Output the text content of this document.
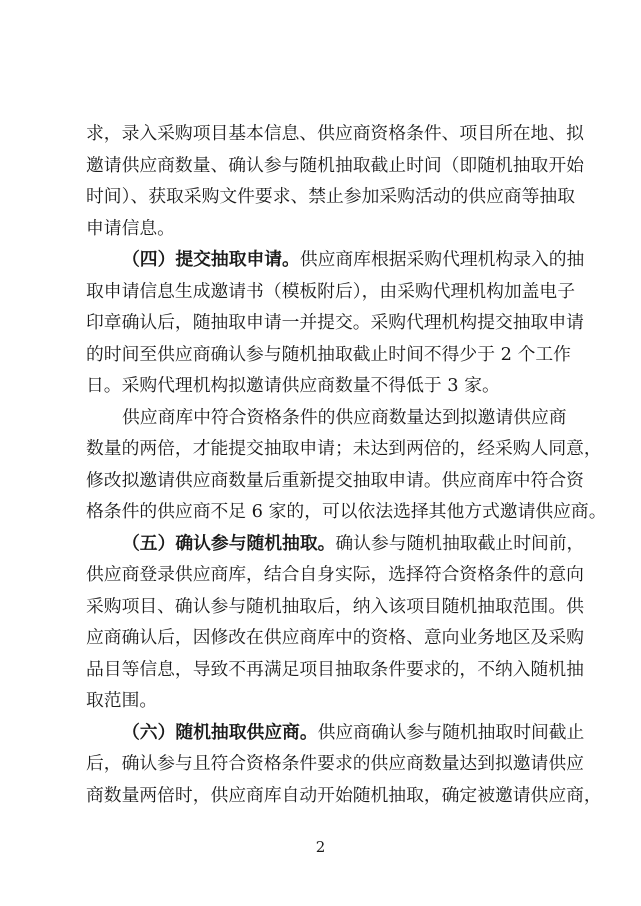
求，录入采购项目基本信息、供应商资格条件、项目所在地、拟
邀请供应商数量、确认参与随机抽取截止时间（即随机抽取开始
时间）、获取采购文件要求、禁止参加采购活动的供应商等抽取
申请信息。
（四）提交抽取申请。供应商库根据采购代理机构录入的抽
取申请信息生成邀请书（模板附后），由采购代理机构加盖电子
印章确认后，随抽取申请一并提交。采购代理机构提交抽取申请
的时间至供应商确认参与随机抽取截止时间不得少于 2 个工作
日。采购代理机构拟邀请供应商数量不得低于 3 家。
供应商库中符合资格条件的供应商数量达到拟邀请供应商
数量的两倍，才能提交抽取申请；未达到两倍的，经采购人同意，
修改拟邀请供应商数量后重新提交抽取申请。供应商库中符合资
格条件的供应商不足 6 家的，可以依法选择其他方式邀请供应商。
（五）确认参与随机抽取。确认参与随机抽取截止时间前，
供应商登录供应商库，结合自身实际，选择符合资格条件的意向
采购项目、确认参与随机抽取后，纳入该项目随机抽取范围。供
应商确认后，因修改在供应商库中的资格、意向业务地区及采购
品目等信息，导致不再满足项目抽取条件要求的，不纳入随机抽
取范围。
（六）随机抽取供应商。供应商确认参与随机抽取时间截止
后，确认参与且符合资格条件要求的供应商数量达到拟邀请供应
商数量两倍时，供应商库自动开始随机抽取，确定被邀请供应商，
2
